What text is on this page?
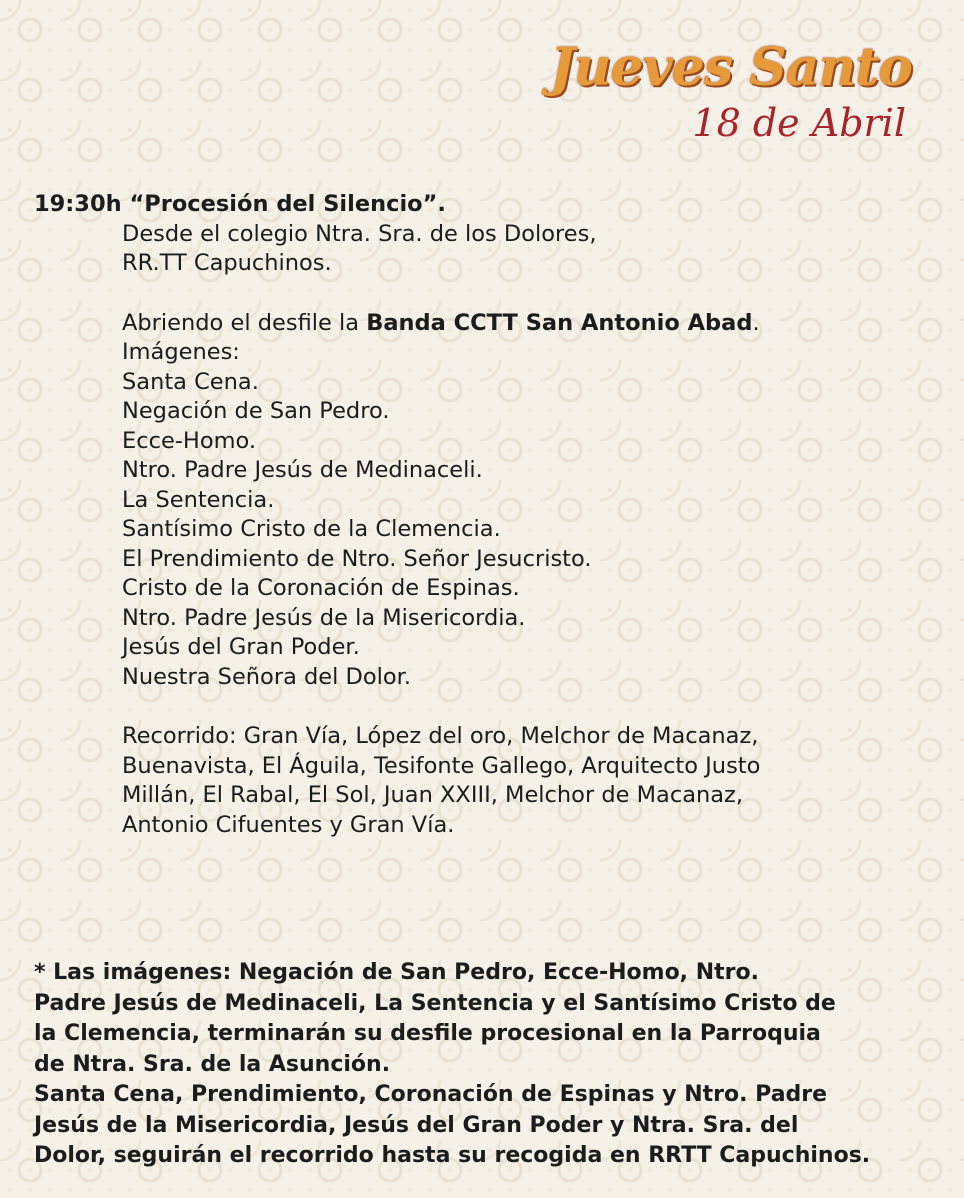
Jueves Santo
18 de Abril
19:30h “Procesión del Silencio”.
Desde el colegio Ntra. Sra. de los Dolores,
RR.TT Capuchinos.
Abriendo el desfile la Banda CCTT San Antonio Abad.
Imágenes:
Santa Cena.
Negación de San Pedro.
Ecce-Homo.
Ntro. Padre Jesús de Medinaceli.
La Sentencia.
Santísimo Cristo de la Clemencia.
El Prendimiento de Ntro. Señor Jesucristo.
Cristo de la Coronación de Espinas.
Ntro. Padre Jesús de la Misericordia.
Jesús del Gran Poder.
Nuestra Señora del Dolor.
Recorrido: Gran Vía, López del oro, Melchor de Macanaz,
Buenavista, El Águila, Tesifonte Gallego, Arquitecto Justo
Millán, El Rabal, El Sol, Juan XXIII, Melchor de Macanaz,
Antonio Cifuentes y Gran Vía.
* Las imágenes: Negación de San Pedro, Ecce-Homo, Ntro.
Padre Jesús de Medinaceli, La Sentencia y el Santísimo Cristo de
la Clemencia, terminarán su desfile procesional en la Parroquia
de Ntra. Sra. de la Asunción.
Santa Cena, Prendimiento, Coronación de Espinas y Ntro. Padre
Jesús de la Misericordia, Jesús del Gran Poder y Ntra. Sra. del
Dolor, seguirán el recorrido hasta su recogida en RRTT Capuchinos.
